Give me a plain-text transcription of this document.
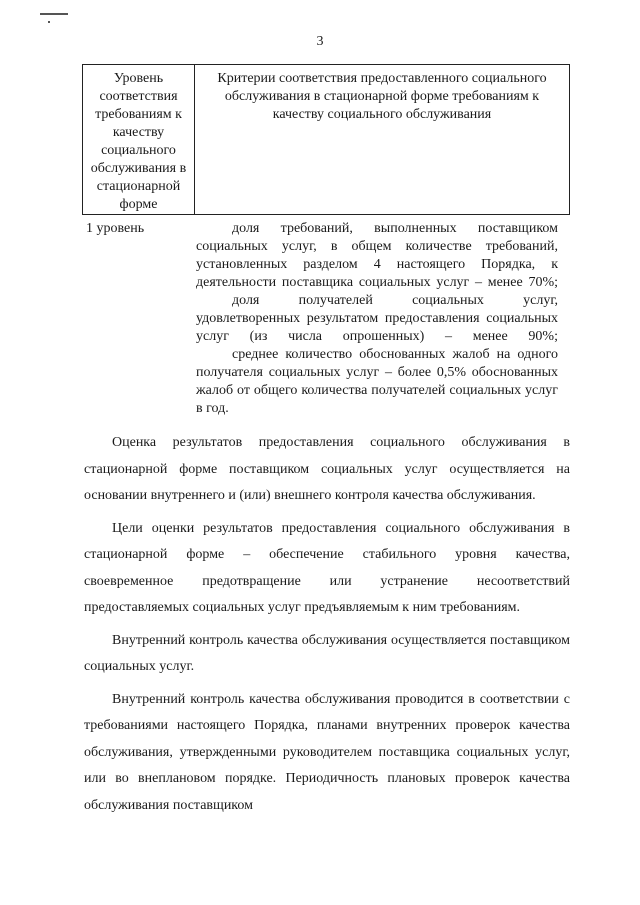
3
Уровень соответствия требованиям к качеству социального обслуживания в стационарной форме	Критерии соответствия предоставленного социального обслуживания в стационарной форме требованиям к качеству социального обслуживания
1 уровень	доля требований, выполненных поставщиком социальных услуг, в общем количестве требований, установленных разделом 4 настоящего Порядка, к деятельности поставщика социальных услуг – менее 70%;

доля получателей социальных услуг, удовлетворенных результатом предоставления социальных услуг (из числа опрошенных) – менее 90%;

среднее количество обоснованных жалоб на одного получателя социальных услуг – более 0,5% обоснованных жалоб от общего количества получателей социальных услуг в год.

Оценка результатов предоставления социального обслуживания в стационарной форме поставщиком социальных услуг осуществляется на основании внутреннего и (или) внешнего контроля качества обслуживания.

Цели оценки результатов предоставления социального обслуживания в стационарной форме – обеспечение стабильного уровня качества, своевременное предотвращение или устранение несоответствий предоставляемых социальных услуг предъявляемым к ним требованиям.

Внутренний контроль качества обслуживания осуществляется поставщиком социальных услуг.

Внутренний контроль качества обслуживания проводится в соответствии с требованиями настоящего Порядка, планами внутренних проверок качества обслуживания, утвержденными руководителем поставщика социальных услуг, или во внеплановом порядке. Периодичность плановых проверок качества обслуживания поставщиком
